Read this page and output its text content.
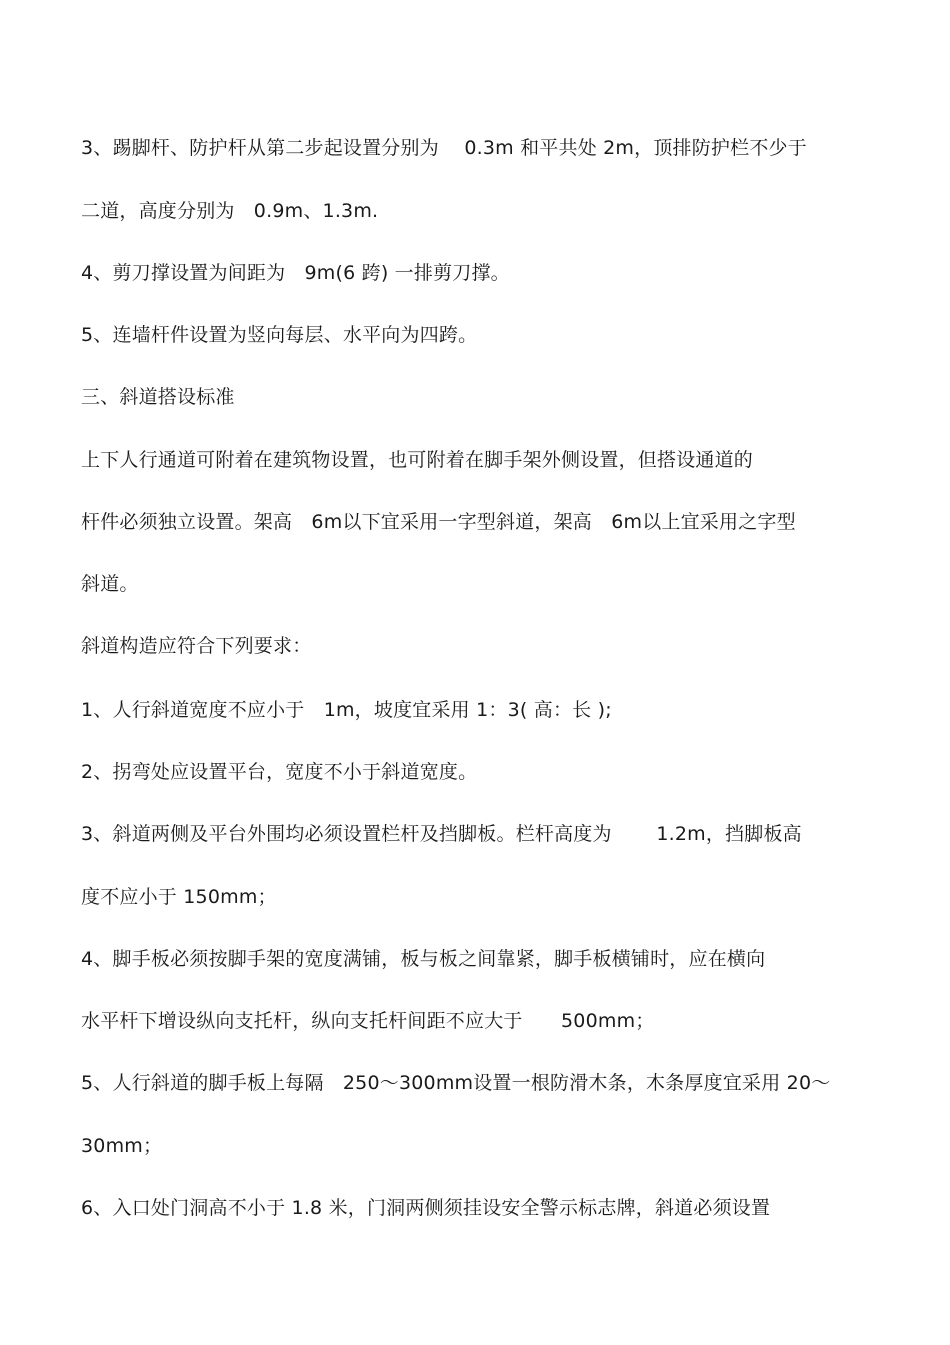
3、踢脚杆、防护杆从第二步起设置分别为　 0.3m 和平共处 2m，顶排防护栏不少于
二道，高度分别为　0.9m、1.3m.
4、剪刀撑设置为间距为　9m(6 跨) 一排剪刀撑。
5、连墙杆件设置为竖向每层、水平向为四跨。
三、斜道搭设标准
上下人行通道可附着在建筑物设置，也可附着在脚手架外侧设置，但搭设通道的
杆件必须独立设置。架高　6m以下宜采用一字型斜道，架高　6m以上宜采用之字型
斜道。
斜道构造应符合下列要求：
1、人行斜道宽度不应小于　1m，坡度宜采用 1：3( 高：长 );
2、拐弯处应设置平台，宽度不小于斜道宽度。
3、斜道两侧及平台外围均必须设置栏杆及挡脚板。栏杆高度为　　 1.2m，挡脚板高
度不应小于 150mm；
4、脚手板必须按脚手架的宽度满铺，板与板之间靠紧，脚手板横铺时，应在横向
水平杆下增设纵向支托杆，纵向支托杆间距不应大于　　500mm；
5、人行斜道的脚手板上每隔　250～300mm设置一根防滑木条，木条厚度宜采用 20～
30mm；
6、入口处门洞高不小于 1.8 米，门洞两侧须挂设安全警示标志牌，斜道必须设置
